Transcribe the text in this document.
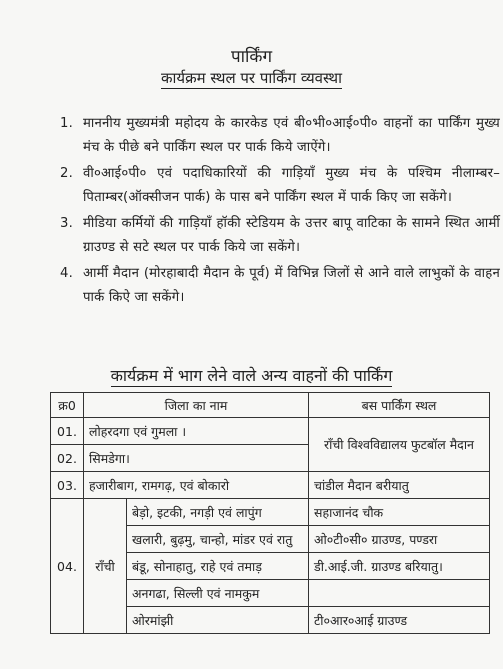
पार्किंग
कार्यक्रम स्थल पर पार्किंग व्यवस्था
1. माननीय मुख्यमंत्री महोदय के कारकेड एवं बी०भी०आई०पी० वाहनों का पार्किंग मुख्य मंच के पीछे बने पार्किंग स्थल पर पार्क किये जाऐंगे।
2. वी०आई०पी० एवं पदाधिकारियों की गाड़ियाँ मुख्य मंच के पश्चिम नीलाम्बर–पिताम्बर(ऑक्सीजन पार्क) के पास बने पार्किंग स्थल में पार्क किए जा सकेंगे।
3. मीडिया कर्मियों की गाड़ियाँ हॉकी स्टेडियम के उत्तर बापू वाटिका के सामने स्थित आर्मी ग्राउण्ड से सटे स्थल पर पार्क किये जा सकेंगे।
4. आर्मी मैदान (मोरहाबादी मैदान के पूर्व) में विभिन्न जिलों से आने वाले लाभुकों के वाहन पार्क किऐ जा सकेंगे।
कार्यक्रम में भाग लेने वाले अन्य वाहनों की पार्किंग
क्र0	जिला का नाम		बस पार्किंग स्थल
01.	लोहरदगा एवं गुमला ।		राँची विश्वविद्यालय फुटबॉल मैदान
02.	सिमडेगा।		
03.	हजारीबाग, रामगढ़, एवं बोकारो		चांडील मैदान बरीयातु
04.	राँची	बेड़ो, इटकी, नगड़ी एवं लापुंग	सहाजानंद चौक
		खलारी, बुढ़मु, चान्हो, मांडर एवं रातु	ओ०टी०सी० ग्राउण्ड, पण्डरा
		बंडू, सोनाहातु, राहे एवं तमाड़	डी.आई.जी. ग्राउण्ड बरियातु।
		अनगढा, सिल्ली एवं नामकुम	
		ओरमांझी	टी०आर०आई ग्राउण्ड
